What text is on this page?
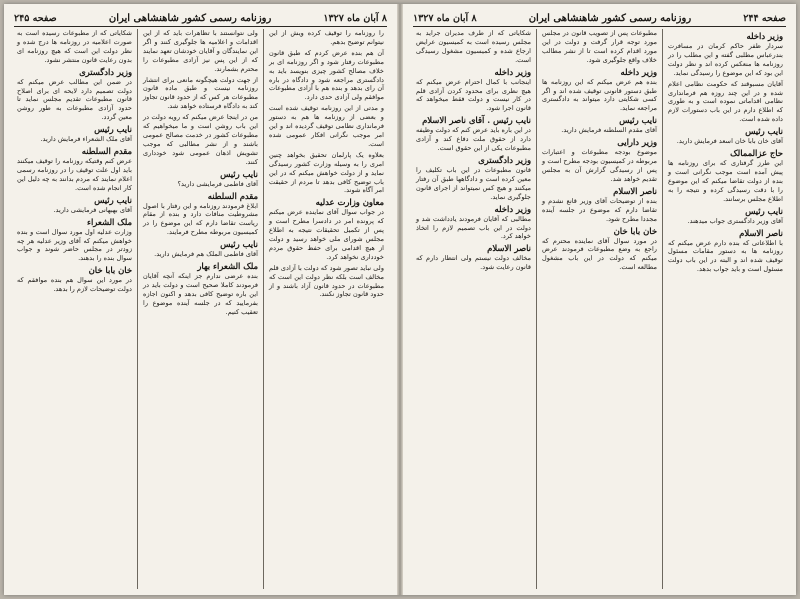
۸ آبان ماه ۱۳۲۷
روزنامه رسمی کشور شاهنشاهی ایران
صفحه ۲۴۵

را روزنامه را توقیف کرده ویش از این نیتوانم توضیح بدهم.

آن هم بنده عرض کردم که طبق قانون مطبوعات رفتار شود و اگر روزنامه ای بر خلاف مصالح کشور چیزی بنویسد باید به دادگستری مراجعه شود و دادگاه در باره آن رای بدهد و بنده هم با آزادی مطبوعات موافقم ولی آزادی حدی دارد.

و مدتی از این روزنامه توقیف شده است و بعضی از روزنامه ها هم به دستور فرمانداری نظامی توقیف گردیده اند و این امر موجب نگرانی افکار عمومی شده است.

بعلاوه یک پارلمان تحقیق بخواهد چنین امری را به وسیله وزارت کشور رسیدگی نماید و از دولت خواهش میکنم که در این باب توضیح کافی بدهد تا مردم از حقیقت امر آگاه شوند.

معاون وزارت عدلیه

در جواب سوال آقای نماینده عرض میکنم که پرونده امر در دادسرا مطرح است و پس از تکمیل تحقیقات نتیجه به اطلاع مجلس شورای ملی خواهد رسید و دولت از هیچ اقدامی برای حفظ حقوق مردم خودداری نخواهد کرد.

ولی نباید تصور شود که دولت با آزادی قلم مخالف است بلکه نظر دولت این است که مطبوعات در حدود قانون آزاد باشند و از حدود قانون تجاوز نکنند.

ولی نتوانستند با تظاهرات باید که از این اقدامات و اعلامیه ها جلوگیری کنند و اگر این نمایندگان و آقایان خودشان تعهد نمایند که از این پس نیز آزادی مطبوعات را محترم بشمارند.

از جهت دولت هیچگونه مانعی برای انتشار روزنامه نیست و طبق ماده قانون مطبوعات هر کس که از حدود قانون تجاوز کند به دادگاه فرستاده خواهد شد.

من در اینجا عرض میکنم که رویه دولت در این باب روشن است و ما میخواهیم که مطبوعات کشور در خدمت مصالح عمومی باشند و از نشر مطالبی که موجب تشویش اذهان عمومی شود خودداری کنند.

نایب رئیس

آقای فاطمی فرمایشی دارید؟

مقدم السلطنه

ابلاغ فرمودند روزنامه و این رفتار با اصول مشروطیت منافات دارد و بنده از مقام ریاست تقاضا دارم که این موضوع را در کمیسیون مربوطه مطرح فرمایند.

نایب رئیس

آقای فاطمی الملک هم فرمایش دارید.

ملک الشعراء بهار

بنده عرضی ندارم جز اینکه آنچه آقایان فرمودند کاملا صحیح است و دولت باید در این باره توضیح کافی بدهد و اکنون اجازه بفرمایید که در جلسه آینده موضوع را تعقیب کنیم.

شکایاتی که از مطبوعات رسیده است به صورت اعلامیه در روزنامه ها درج شده و نظر دولت این است که هیچ روزنامه ای بدون رعایت قانون منتشر نشود.

وزیر دادگستری

در ضمن این مطالب عرض میکنم که دولت تصمیم دارد لایحه ای برای اصلاح قانون مطبوعات تقدیم مجلس نماید تا حدود آزادی مطبوعات به طور روشن معین گردد.

نایب رئیس

آقای ملک الشعراء فرمایش دارید.

مقدم السلطنه

عرض کنم وقتیکه روزنامه را توقیف میکنند باید اول علت توقیف را در روزنامه رسمی اعلام نمایند که مردم بدانند به چه دلیل این کار انجام شده است.

نایب رئیس

آقای بهبهانی فرمایشی دارید.

ملک الشعراء

وزارت عدلیه اول مورد سوال است و بنده خواهش میکنم که آقای وزیر عدلیه هر چه زودتر در مجلس حاضر شوند و جواب سوال بنده را بدهند.

خان بابا خان

در مورد این سوال هم بنده موافقم که دولت توضیحات لازم را بدهد.

صفحه ۲۴۴
روزنامه رسمی کشور شاهنشاهی ایران
۸ آبان ماه ۱۳۲۷
وزیر داخله

سردار ظفر حاکم کرمان در مسافرت بندرعباس مطلبی گفته و این مطلب را در روزنامه ها منعکس کرده اند و نظر دولت این بود که این موضوع را رسیدگی نماید.

آقایان مسبوقند که حکومت نظامی اعلام شده و در این چند روزه هم فرمانداری نظامی اقداماتی نموده است و به طوری که اطلاع دارم در این باب دستورات لازم داده شده است.

نایب رئیس

آقای خان بابا خان اسعد فرمایش دارید.

حاج عزالممالک

این طرز گرفتاری که برای روزنامه ها پیش آمده است موجب نگرانی است و بنده از دولت تقاضا میکنم که این موضوع را با دقت رسیدگی کرده و نتیجه را به اطلاع مجلس برسانند.

نایب رئیس

آقای وزیر دادگستری جواب میدهند.

ناصر الاسلام

با اطلاعاتی که بنده دارم عرض میکنم که روزنامه ها به دستور مقامات مسئول توقیف شده اند و البته در این باب دولت مسئول است و باید جواب بدهد.

مطبوعات پس از تصویب قانون در مجلس مورد توجه قرار گرفت و دولت در این مورد اقدام کرده است تا از نشر مطالب خلاف واقع جلوگیری شود.

وزیر داخله

بنده هم عرض میکنم که این روزنامه ها طبق دستور قانونی توقیف شده اند و اگر کسی شکایتی دارد میتواند به دادگستری مراجعه نماید.

نایب رئیس

آقای مقدم السلطنه فرمایش دارید.

وزیر دارایی

موضوع بودجه مطبوعات و اعتبارات مربوطه در کمیسیون بودجه مطرح است و پس از رسیدگی گزارش آن به مجلس تقدیم خواهد شد.

ناصر الاسلام

بنده از توضیحات آقای وزیر قانع نشدم و تقاضا دارم که موضوع در جلسه آینده مجددا مطرح شود.

خان بابا خان

در مورد سوال آقای نماینده محترم که راجع به وضع مطبوعات فرمودند عرض میکنم که دولت در این باب مشغول مطالعه است.

شکایاتی که از طرف مدیران جراید به مجلس رسیده است به کمیسیون عرایض ارجاع شده و کمیسیون مشغول رسیدگی است.

وزیر داخله

اینجانب با کمال احترام عرض میکنم که هیچ نظری برای محدود کردن آزادی قلم در کار نیست و دولت فقط میخواهد که قانون اجرا شود.

نایب رئیس . آقای ناصر الاسلام

در این باره باید عرض کنم که دولت وظیفه دارد از حقوق ملت دفاع کند و آزادی مطبوعات یکی از این حقوق است.

وزیر دادگستری

قانون مطبوعات در این باب تکلیف را معین کرده است و دادگاهها طبق آن رفتار میکنند و هیچ کس نمیتواند از اجرای قانون جلوگیری نماید.

وزیر داخله

مطالبی که آقایان فرمودند یادداشت شد و دولت در این باب تصمیم لازم را اتخاذ خواهد کرد.

ناصر الاسلام

مخالف دولت نیستم ولی انتظار دارم که قانون رعایت شود.
